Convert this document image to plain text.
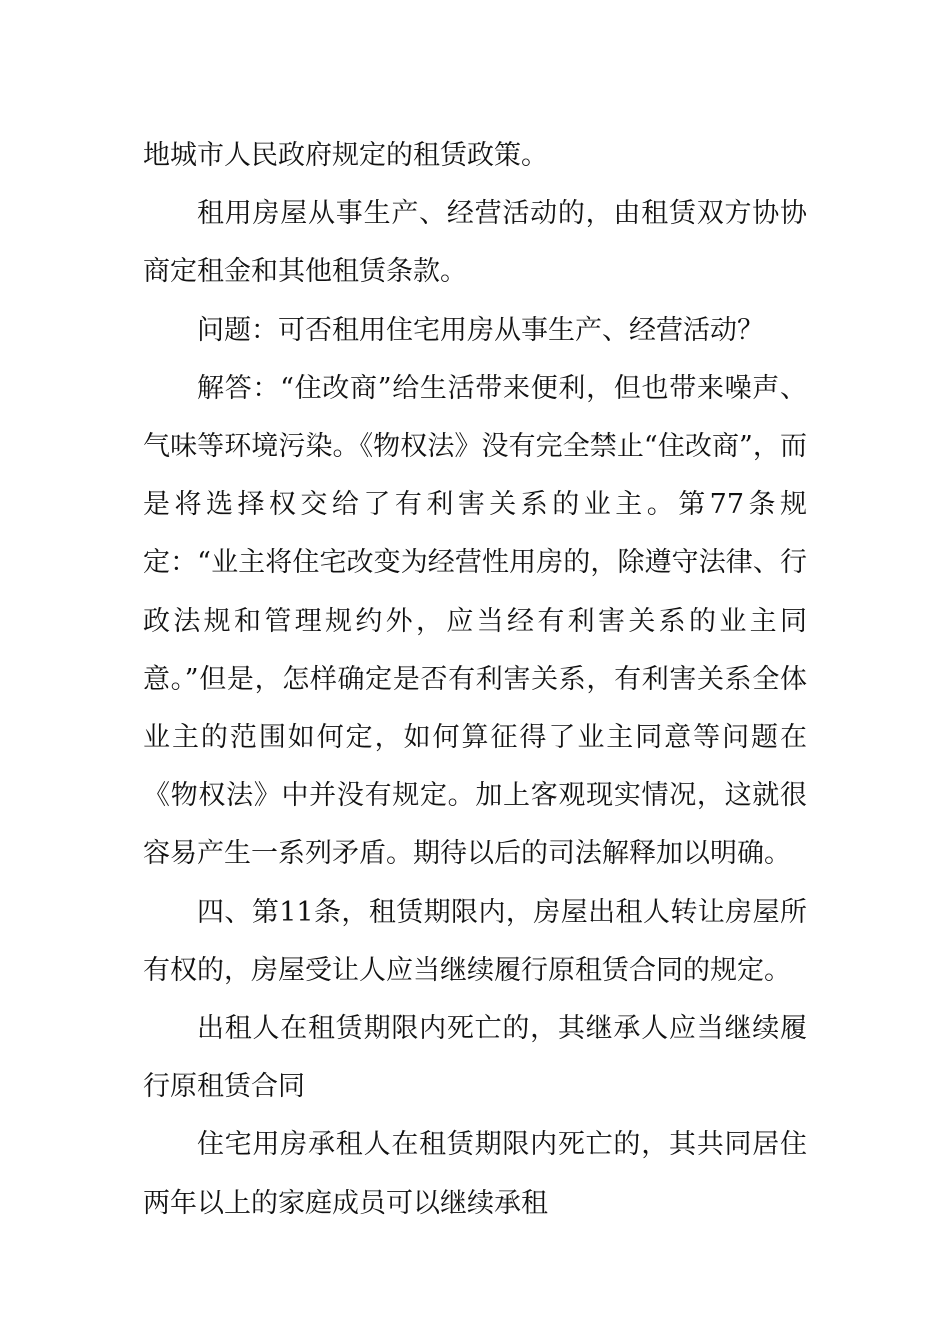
地城市人民政府规定的租赁政策。

租用房屋从事生产、经营活动的，由租赁双方协协商定租金和其他租赁条款。

问题：可否租用住宅用房从事生产、经营活动？

解答：“住改商”给生活带来便利，但也带来噪声、气味等环境污染。《物权法》没有完全禁止“住改商”，而是将选择权交给了有利害关系的业主。第77条规定：“业主将住宅改变为经营性用房的，除遵守法律、行政法规和管理规约外，应当经有利害关系的业主同意。”但是，怎样确定是否有利害关系，有利害关系全体业主的范围如何定，如何算征得了业主同意等问题在《物权法》中并没有规定。加上客观现实情况，这就很容易产生一系列矛盾。期待以后的司法解释加以明确。

四、第11条，租赁期限内，房屋出租人转让房屋所有权的，房屋受让人应当继续履行原租赁合同的规定。

出租人在租赁期限内死亡的，其继承人应当继续履行原租赁合同

住宅用房承租人在租赁期限内死亡的，其共同居住两年以上的家庭成员可以继续承租
